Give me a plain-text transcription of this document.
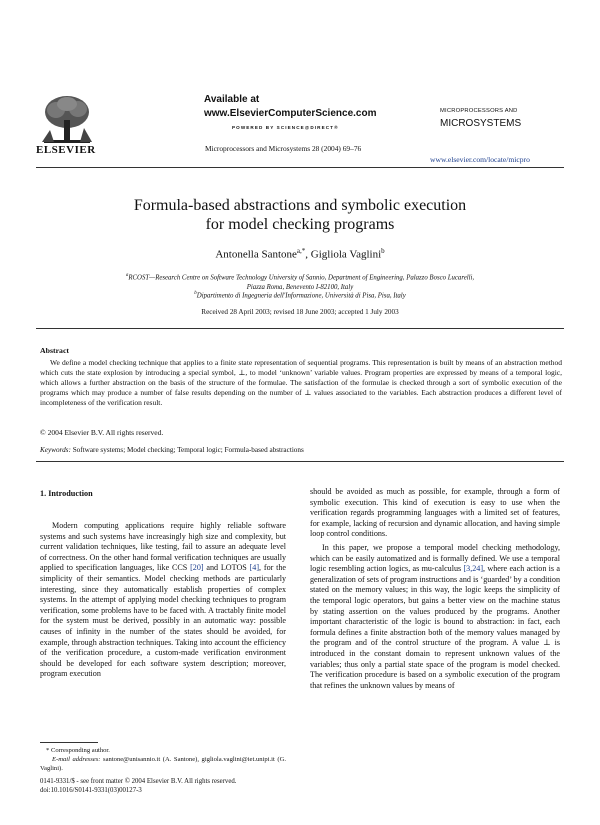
ELSEVIER
Available at
www.ElsevierComputerScience.com
POWERED BY SCIENCE@DIRECT®
Microprocessors and Microsystems 28 (2004) 69–76
MICROPROCESSORS AND
MICROSYSTEMS
www.elsevier.com/locate/micpro
Formula-based abstractions and symbolic execution
for model checking programs
Antonella Santone$^{a,*}$, Gigliola Vaglini$^b$
$^a$RCOST—Research Centre on Software Technology University of Sannio, Department of Engineering, Palazzo Bosco Lucarelli,
Piazza Roma, Benevento I-82100, Italy
$^b$Dipartimento di Ingegneria dell'Informazione, Università di Pisa, Pisa, Italy
Received 28 April 2003; revised 18 June 2003; accepted 1 July 2003
Abstract

We define a model checking technique that applies to a finite state representation of sequential programs. This representation is built by means of an abstraction method which cuts the state explosion by introducing a special symbol, ⊥, to model ‘unknown’ variable values. Program properties are expressed by means of a temporal logic, which allows a further abstraction on the basis of the structure of the formulae. The satisfaction of the formulae is checked through a sort of symbolic execution of the programs which may produce a number of false results depending on the number of ⊥ values associated to the variables. Each abstraction produces a different level of incompleteness of the verification result.

© 2004 Elsevier B.V. All rights reserved.
Keywords: Software systems; Model checking; Temporal logic; Formula-based abstractions
1. Introduction

Modern computing applications require highly reliable software systems and such systems have increasingly high size and complexity, but current validation techniques, like testing, fail to assure an adequate level of correctness. On the other hand formal verification techniques are usually applied to specification languages, like CCS [20] and LOTOS [4], for the simplicity of their semantics. Model checking methods are particularly interesting, since they automatically establish properties of complex systems. In the attempt of applying model checking techniques to program verification, some problems have to be faced with. A tractably finite model for the system must be derived, possibly in an automatic way: possible causes of infinity in the number of the states should be avoided, for example, through abstraction techniques. Taking into account the efficiency of the verification procedure, a custom-made verification environment should be developed for each software system description; moreover, program execution

should be avoided as much as possible, for example, through a form of symbolic execution. This kind of execution is easy to use when the verification regards programming languages with a limited set of features, for example, lacking of recursion and dynamic allocation, and having simple loop control conditions.

In this paper, we propose a temporal model checking methodology, which can be easily automatized and is formally defined. We use a temporal logic resembling action logics, as mu-calculus [3,24], where each action is a generalization of sets of program instructions and is ‘guarded’ by a condition stated on the memory values; in this way, the logic keeps the simplicity of the temporal logic operators, but gains a better view on the machine status by stating assertion on the values produced by the programs. Another important characteristic of the logic is bound to abstraction: in fact, each formula defines a finite abstraction both of the memory values managed by the program and of the control structure of the program. A value ⊥ is introduced in the constant domain to represent unknown values of the variables; thus only a partial state space of the program is model checked. The verification procedure is based on a symbolic execution of the program that refines the unknown values by means of

* Corresponding author.
E-mail addresses: santone@unisannio.it (A. Santone), gigliola.vaglini@iet.unipi.it (G. Vaglini).
0141-9331/$ - see front matter © 2004 Elsevier B.V. All rights reserved.
doi:10.1016/S0141-9331(03)00127-3
